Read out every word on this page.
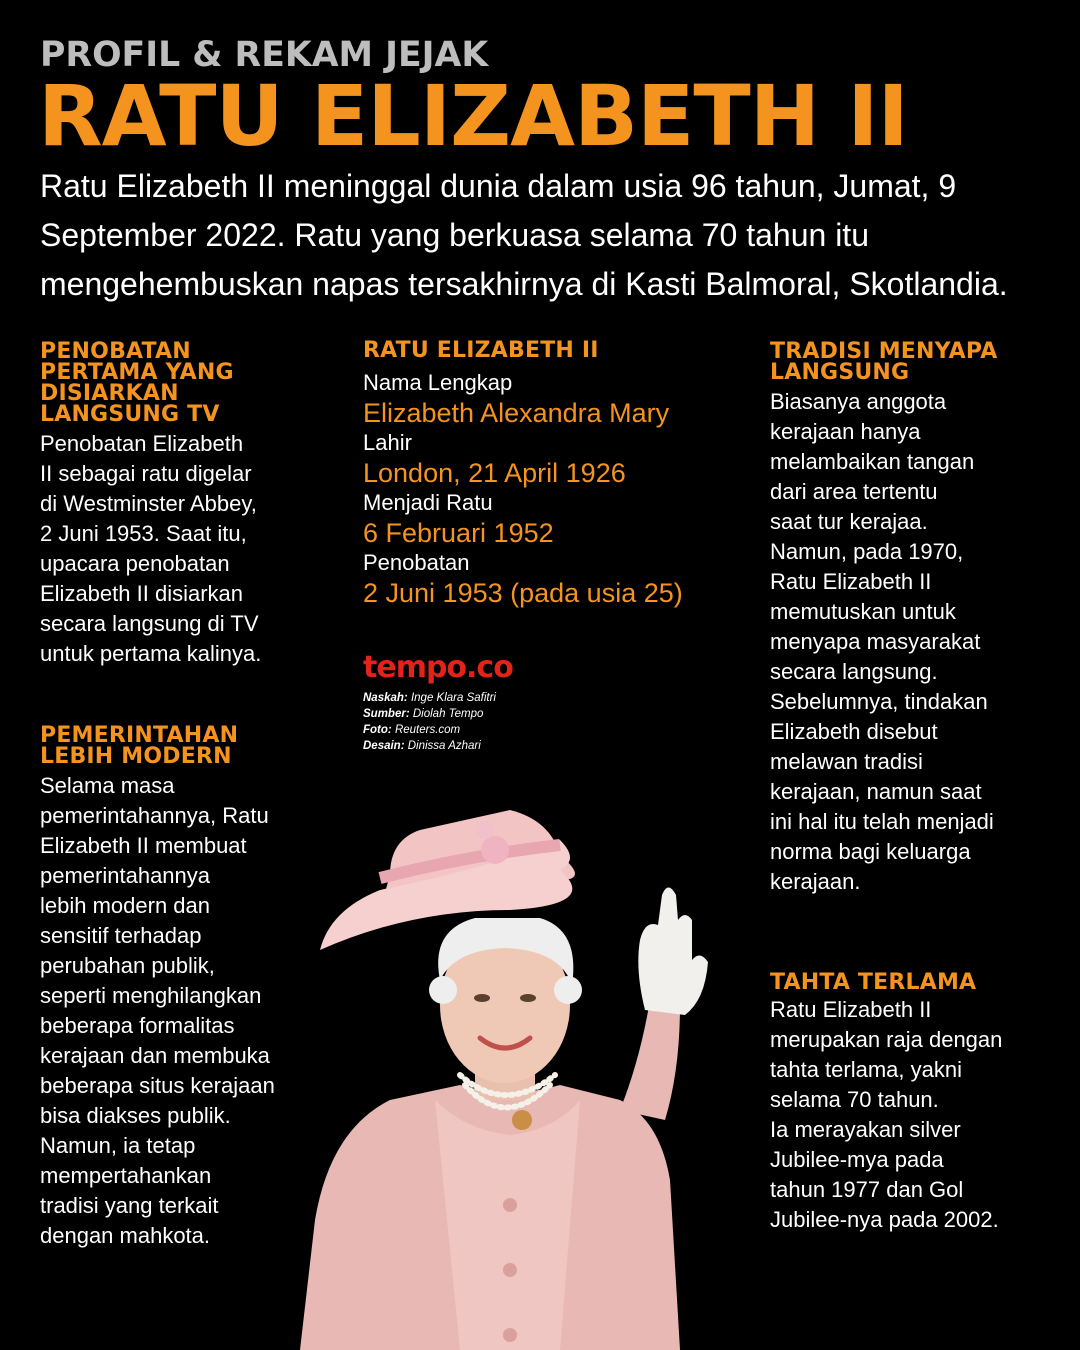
PROFIL & REKAM JEJAK
RATU ELIZABETH II
Ratu Elizabeth II meninggal dunia dalam usia 96 tahun, Jumat, 9 September 2022. Ratu yang berkuasa selama 70 tahun itu mengehembuskan napas tersakhirnya di Kasti Balmoral, Skotlandia.
PENOBATAN PERTAMA YANG DISIARKAN LANGSUNG TV
Penobatan Elizabeth
II sebagai ratu digelar
di Westminster Abbey,
2 Juni 1953. Saat itu,
upacara penobatan
Elizabeth II disiarkan
secara langsung di TV
untuk pertama kalinya.
PEMERINTAHAN LEBIH MODERN
Selama masa
pemerintahannya, Ratu
Elizabeth II membuat
pemerintahannya
lebih modern dan
sensitif terhadap
perubahan publik,
seperti menghilangkan
beberapa formalitas
kerajaan dan membuka
beberapa situs kerajaan
bisa diakses publik.
Namun, ia tetap
mempertahankan
tradisi yang terkait
dengan mahkota.
RATU ELIZABETH II
Nama Lengkap
Elizabeth Alexandra Mary
Lahir
London, 21 April 1926
Menjadi Ratu
6 Februari 1952
Penobatan
2 Juni 1953 (pada usia 25)
tempo.co
Naskah: Inge Klara Safitri
Sumber: Diolah Tempo
Foto: Reuters.com
Desain: Dinissa Azhari
TRADISI MENYAPA LANGSUNG
Biasanya anggota
kerajaan hanya
melambaikan tangan
dari area tertentu
saat tur kerajaa.
Namun, pada 1970,
Ratu Elizabeth II
memutuskan untuk
menyapa masyarakat
secara langsung.
Sebelumnya, tindakan
Elizabeth disebut
melawan tradisi
kerajaan, namun saat
ini hal itu telah menjadi
norma bagi keluarga
kerajaan.
TAHTA TERLAMA
Ratu Elizabeth II
merupakan raja dengan
tahta terlama, yakni
selama 70 tahun.
Ia merayakan silver
Jubilee-mya pada
tahun 1977 dan Gol
Jubilee-nya pada 2002.
